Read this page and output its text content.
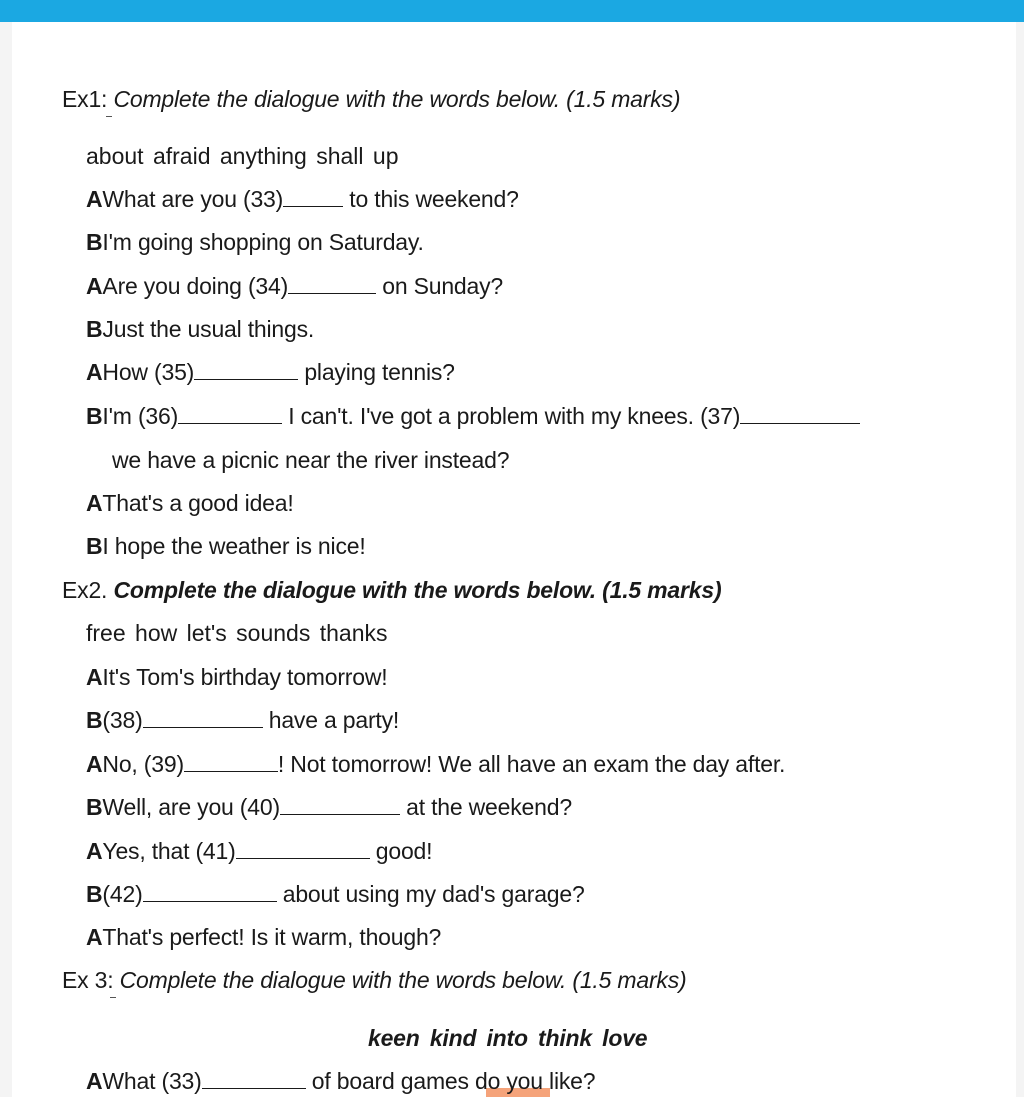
Ex1: Complete the dialogue with the words below. (1.5 marks)
about afraid anything shall up
AWhat are you (33)	to this weekend?
BI'm going shopping on Saturday.
AAre you doing (34)	on Sunday?
BJust the usual things.
AHow (35)	playing tennis?
BI'm (36)	I can't. I've got a problem with my knees. (37)
we have a picnic near the river instead?
AThat's a good idea!
BI hope the weather is nice!
Ex2. Complete the dialogue with the words below. (1.5 marks)
free how let's sounds thanks
AIt's Tom's birthday tomorrow!
B(38)	have a party!
ANo, (39)	! Not tomorrow! We all have an exam the day after.
BWell, are you (40)	at the weekend?
AYes, that (41)	good!
B(42)	about using my dad's garage?
AThat's perfect! Is it warm, though?
Ex 3: Complete the dialogue with the words below. (1.5 marks)
keen kind into think love
AWhat (33)	of board games do you like?
